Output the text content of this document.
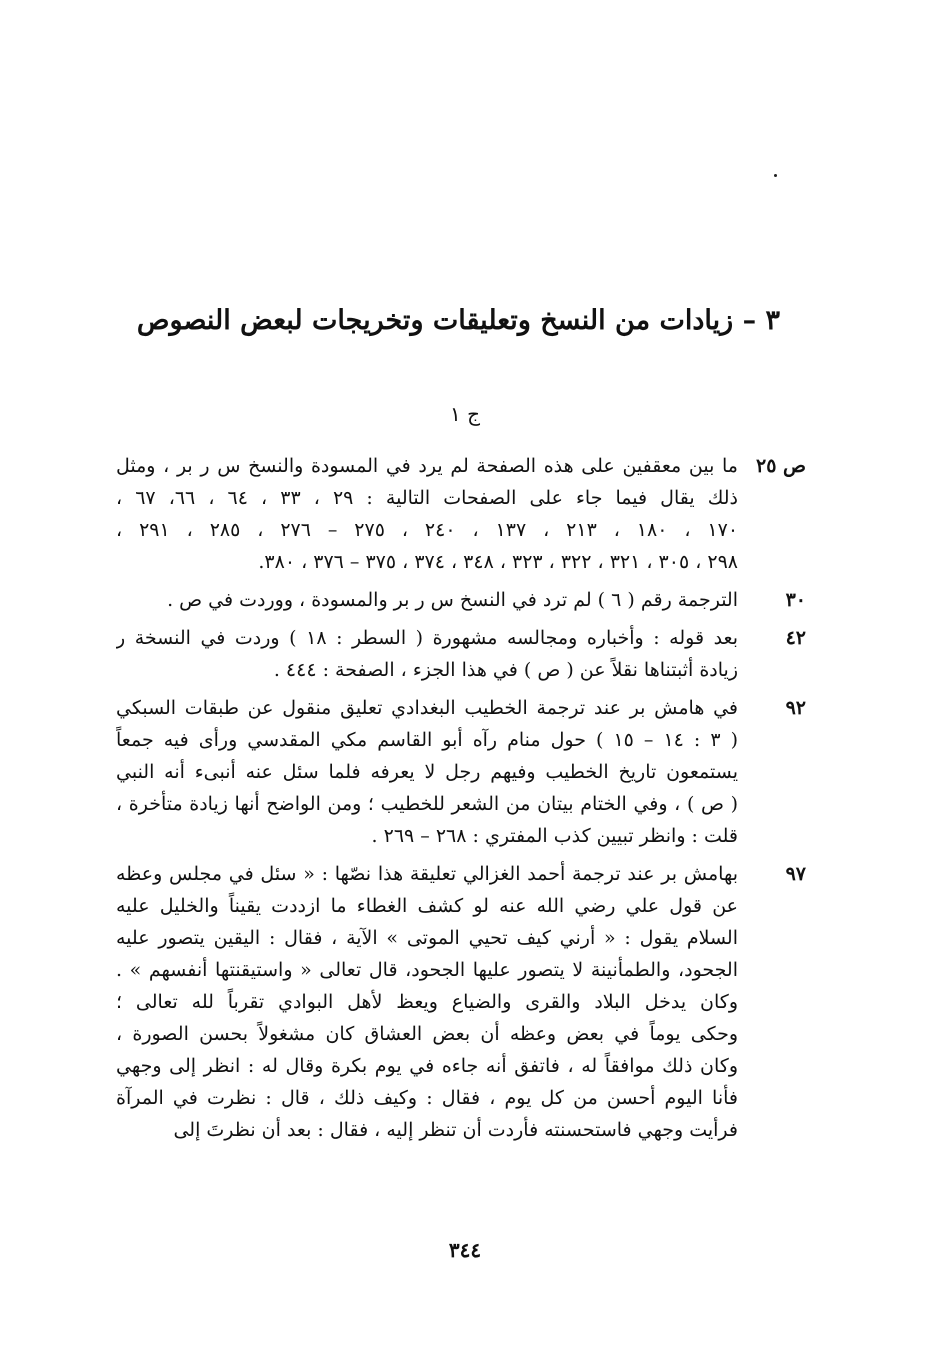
٣ – زيادات من النسخ وتعليقات وتخريجات لبعض النصوص
ج ١
ص ٢٥
ما بين معقفين على هذه الصفحة لم يرد في المسودة والنسخ س ر بر ، ومثل
ذلك يقال فيما جاء على الصفحات التالية : ٢٩ ، ٣٣ ، ٦٤ ، ٦٦، ٦٧ ،
١٧٠ ، ١٨٠ ، ٢١٣ ، ١٣٧ ، ٢٤٠ ، ٢٧٥ – ٢٧٦ ، ٢٨٥ ، ٢٩١ ،
٢٩٨ ، ٣٠٥ ، ٣٢١ ، ٣٢٢ ، ٣٢٣ ، ٣٤٨ ، ٣٧٤ ، ٣٧٥ – ٣٧٦ ، ٣٨٠.
٣٠
الترجمة رقم ( ٦ ) لم ترد في النسخ س ر بر والمسودة ، ووردت في ص .
٤٢
بعد قوله : وأخباره ومجالسه مشهورة ( السطر : ١٨ ) وردت في النسخة ر
زيادة أثبتناها نقلاً عن ( ص ) في هذا الجزء ، الصفحة : ٤٤٤ .
٩٢
في هامش بر عند ترجمة الخطيب البغدادي تعليق منقول عن طبقات السبكي
( ٣ : ١٤ – ١٥ ) حول منام رآه أبو القاسم مكي المقدسي ورأى فيه جمعاً
يستمعون تاريخ الخطيب وفيهم رجل لا يعرفه فلما سئل عنه أنبىء أنه النبي
( ص ) ، وفي الختام بيتان من الشعر للخطيب ؛ ومن الواضح أنها زيادة متأخرة ،
قلت : وانظر تبيين كذب المفتري : ٢٦٨ – ٢٦٩ .
٩٧
بهامش بر عند ترجمة أحمد الغزالي تعليقة هذا نصّها : « سئل في مجلس وعظه
عن قول علي رضي الله عنه لو كشف الغطاء ما ازددت يقيناً والخليل عليه
السلام يقول : « أرني كيف تحيي الموتى » الآية ، فقال : اليقين يتصور عليه
الجحود، والطمأنينة لا يتصور عليها الجحود، قال تعالى « واستيقنتها أنفسهم » .
وكان يدخل البلاد والقرى والضياع ويعظ لأهل البوادي تقرباً لله تعالى ؛
وحكى يوماً في بعض وعظه أن بعض العشاق كان مشغولاً بحسن الصورة ،
وكان ذلك موافقاً له ، فاتفق أنه جاءه في يوم بكرة وقال له : انظر إلى وجهي
فأنا اليوم أحسن من كل يوم ، فقال : وكيف ذلك ، قال : نظرت في المرآة
فرأيت وجهي فاستحسنته فأردت أن تنظر إليه ، فقال : بعد أن نظرتَ إلى
٣٤٤
